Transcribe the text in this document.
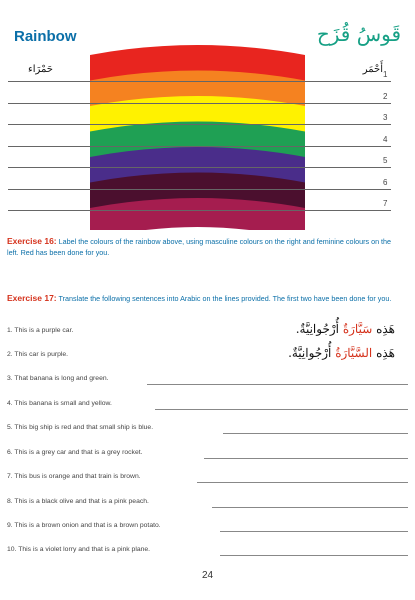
Rainbow	قَوسُ قُزَح
1
2
3
4
5
6
7
أَحْمَر
حَمْرَاء
Exercise 16: Label the colours of the rainbow above, using masculine colours on the right and feminine colours on the left. Red has been done for you.
Exercise 17: Translate the following sentences into Arabic on the lines provided. The first two have been done for you.
1. This is a purple car.
2. This car is purple.
3. That banana is long and green.
4. This banana is small and yellow.
5. This big ship is red and that small ship is blue.
6. This is a grey car and that is a grey rocket.
7. This bus is orange and that train is brown.
8. This is a black olive and that is a pink peach.
9. This is a brown onion and that is a brown potato.
10. This is a violet lorry and that is a pink plane.
هَذِه سَيَّارَةٌ أُرْجُوانِيَّةٌ.
هَذِه السَّيَّارَةُ أُرْجُوانِيَّةٌ.
24
